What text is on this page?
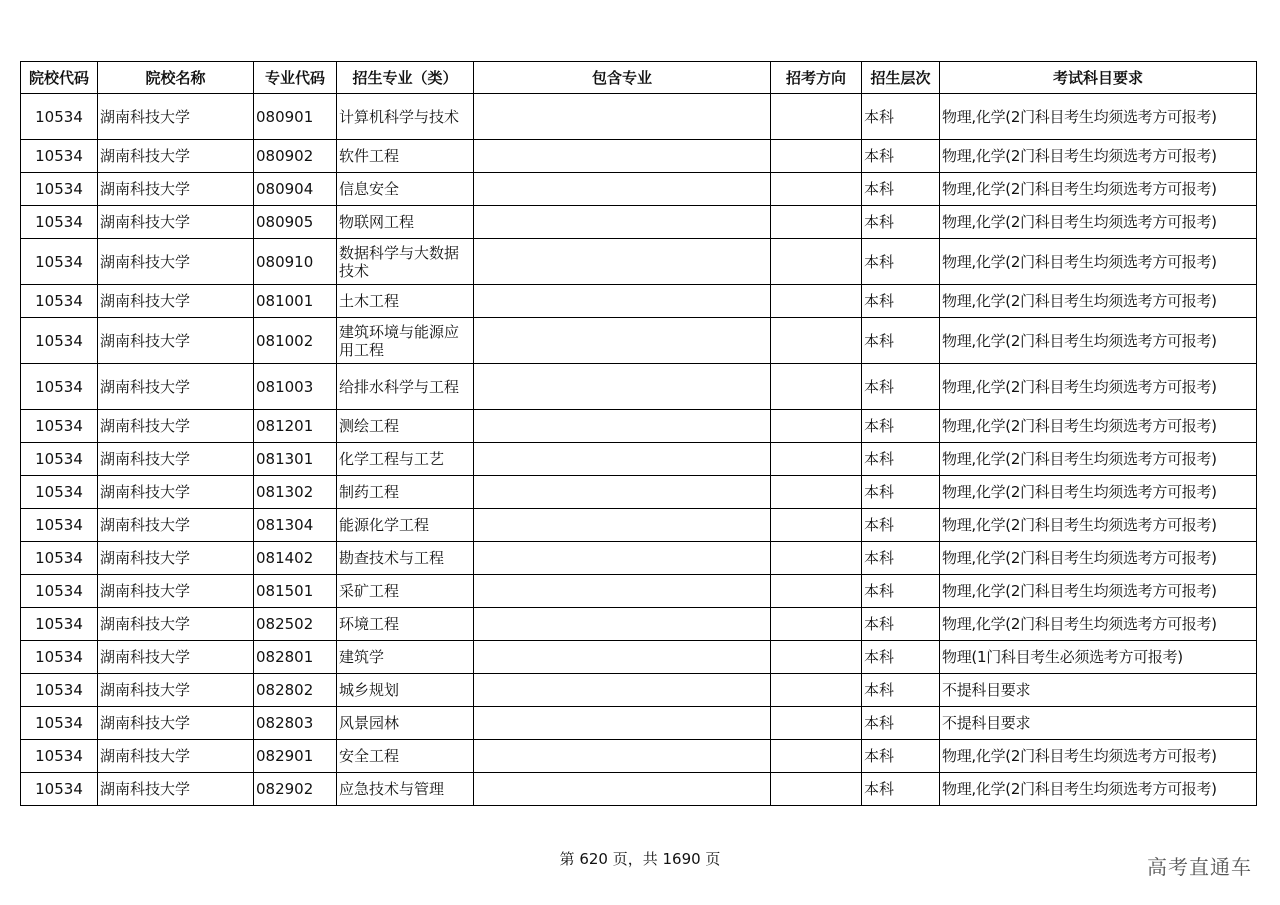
院校代码	院校名称	专业代码	招生专业（类）	包含专业	招考方向	招生层次	考试科目要求
10534	湖南科技大学	080901	计算机科学与技术			本科	物理,化学(2门科目考生均须选考方可报考)
10534	湖南科技大学	080902	软件工程			本科	物理,化学(2门科目考生均须选考方可报考)
10534	湖南科技大学	080904	信息安全			本科	物理,化学(2门科目考生均须选考方可报考)
10534	湖南科技大学	080905	物联网工程			本科	物理,化学(2门科目考生均须选考方可报考)
10534	湖南科技大学	080910	数据科学与大数据技术			本科	物理,化学(2门科目考生均须选考方可报考)
10534	湖南科技大学	081001	土木工程			本科	物理,化学(2门科目考生均须选考方可报考)
10534	湖南科技大学	081002	建筑环境与能源应用工程			本科	物理,化学(2门科目考生均须选考方可报考)
10534	湖南科技大学	081003	给排水科学与工程			本科	物理,化学(2门科目考生均须选考方可报考)
10534	湖南科技大学	081201	测绘工程			本科	物理,化学(2门科目考生均须选考方可报考)
10534	湖南科技大学	081301	化学工程与工艺			本科	物理,化学(2门科目考生均须选考方可报考)
10534	湖南科技大学	081302	制药工程			本科	物理,化学(2门科目考生均须选考方可报考)
10534	湖南科技大学	081304	能源化学工程			本科	物理,化学(2门科目考生均须选考方可报考)
10534	湖南科技大学	081402	勘查技术与工程			本科	物理,化学(2门科目考生均须选考方可报考)
10534	湖南科技大学	081501	采矿工程			本科	物理,化学(2门科目考生均须选考方可报考)
10534	湖南科技大学	082502	环境工程			本科	物理,化学(2门科目考生均须选考方可报考)
10534	湖南科技大学	082801	建筑学			本科	物理(1门科目考生必须选考方可报考)
10534	湖南科技大学	082802	城乡规划			本科	不提科目要求
10534	湖南科技大学	082803	风景园林			本科	不提科目要求
10534	湖南科技大学	082901	安全工程			本科	物理,化学(2门科目考生均须选考方可报考)
10534	湖南科技大学	082902	应急技术与管理			本科	物理,化学(2门科目考生均须选考方可报考)
第 620 页，共 1690 页	高考直通车
